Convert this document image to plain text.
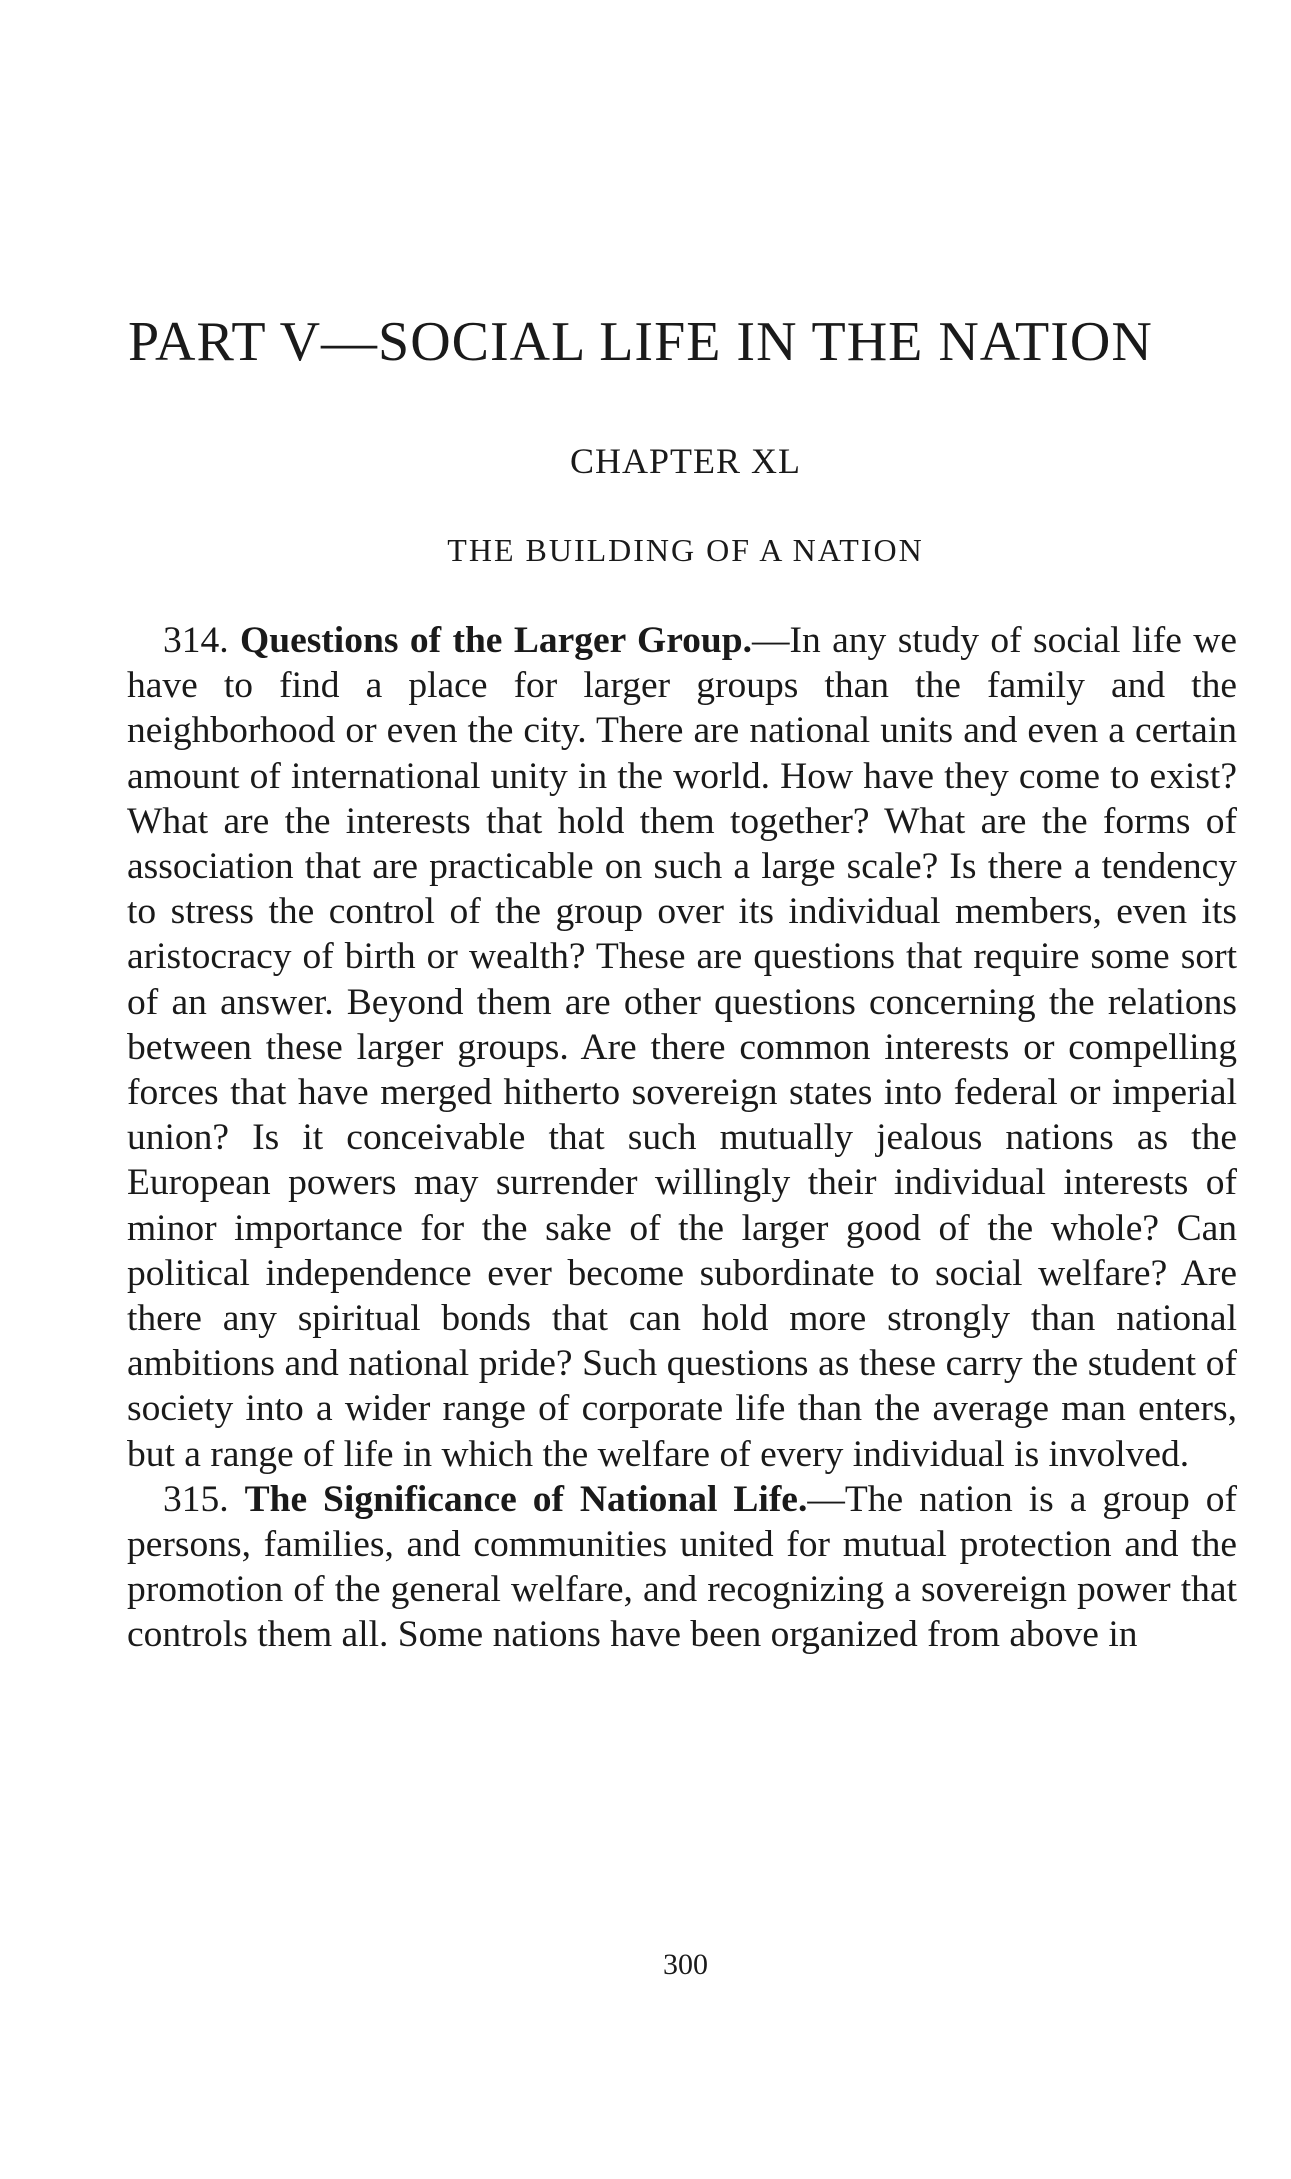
PART V—SOCIAL LIFE IN THE NATION
CHAPTER XL
THE BUILDING OF A NATION

314. Questions of the Larger Group.—In any study of social life we have to find a place for larger groups than the family and the neighborhood or even the city. There are national units and even a certain amount of international unity in the world. How have they come to exist? What are the interests that hold them together? What are the forms of association that are practicable on such a large scale? Is there a tendency to stress the control of the group over its individual members, even its aristocracy of birth or wealth? These are questions that require some sort of an answer. Beyond them are other questions concerning the relations between these larger groups. Are there common interests or compelling forces that have merged hitherto sovereign states into federal or imperial union? Is it conceivable that such mutually jealous nations as the European powers may surrender willingly their individual interests of minor importance for the sake of the larger good of the whole? Can political independence ever become subordinate to social welfare? Are there any spiritual bonds that can hold more strongly than national ambitions and national pride? Such questions as these carry the student of society into a wider range of corporate life than the average man enters, but a range of life in which the welfare of every individual is involved.

315. The Significance of National Life.—The nation is a group of persons, families, and communities united for mutual protection and the promotion of the general welfare, and recognizing a sovereign power that controls them all. Some nations have been organized from above in

300
